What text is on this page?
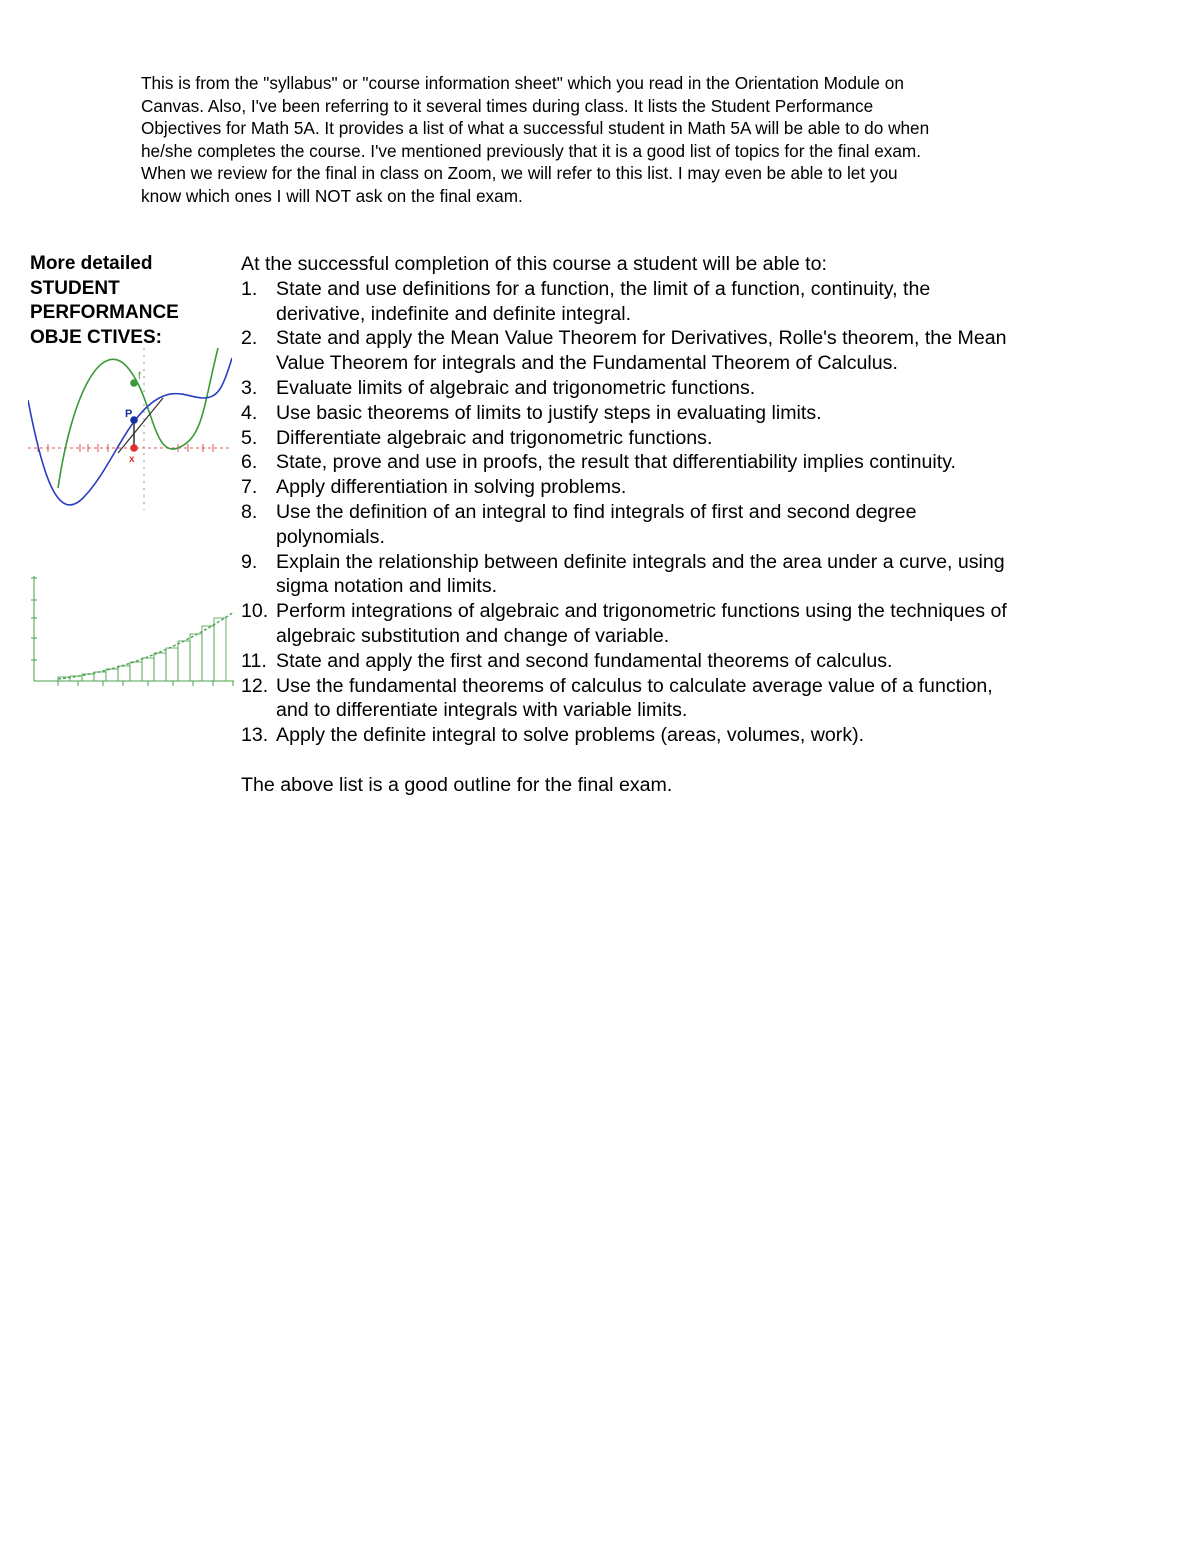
This is from the "syllabus" or "course information sheet" which you read in the Orientation Module on
Canvas. Also, I've been referring to it several times during class. It lists the Student Performance
Objectives for Math 5A. It provides a list of what a successful student in Math 5A will be able to do when
he/she completes the course. I've mentioned previously that it is a good list of topics for the final exam.
When we review for the final in class on Zoom, we will refer to this list. I may even be able to let you
know which ones I will NOT ask on the final exam.
More detailed
STUDENT
PERFORMANCE
OBJE CTIVES:
f
P
x
At the successful completion of this course a student will be able to:
1. State and use definitions for a function, the limit of a function, continuity, the
derivative, indefinite and definite integral.
2. State and apply the Mean Value Theorem for Derivatives, Rolle's theorem, the Mean
Value Theorem for integrals and the Fundamental Theorem of Calculus.
3. Evaluate limits of algebraic and trigonometric functions.
4. Use basic theorems of limits to justify steps in evaluating limits.
5. Differentiate algebraic and trigonometric functions.
6. State, prove and use in proofs, the result that differentiability implies continuity.
7. Apply differentiation in solving problems.
8. Use the definition of an integral to find integrals of first and second degree
polynomials.
9. Explain the relationship between definite integrals and the area under a curve, using
sigma notation and limits.
10. Perform integrations of algebraic and trigonometric functions using the techniques of
algebraic substitution and change of variable.
11. State and apply the first and second fundamental theorems of calculus.
12. Use the fundamental theorems of calculus to calculate average value of a function,
and to differentiate integrals with variable limits.
13. Apply the definite integral to solve problems (areas, volumes, work).
The above list is a good outline for the final exam.
